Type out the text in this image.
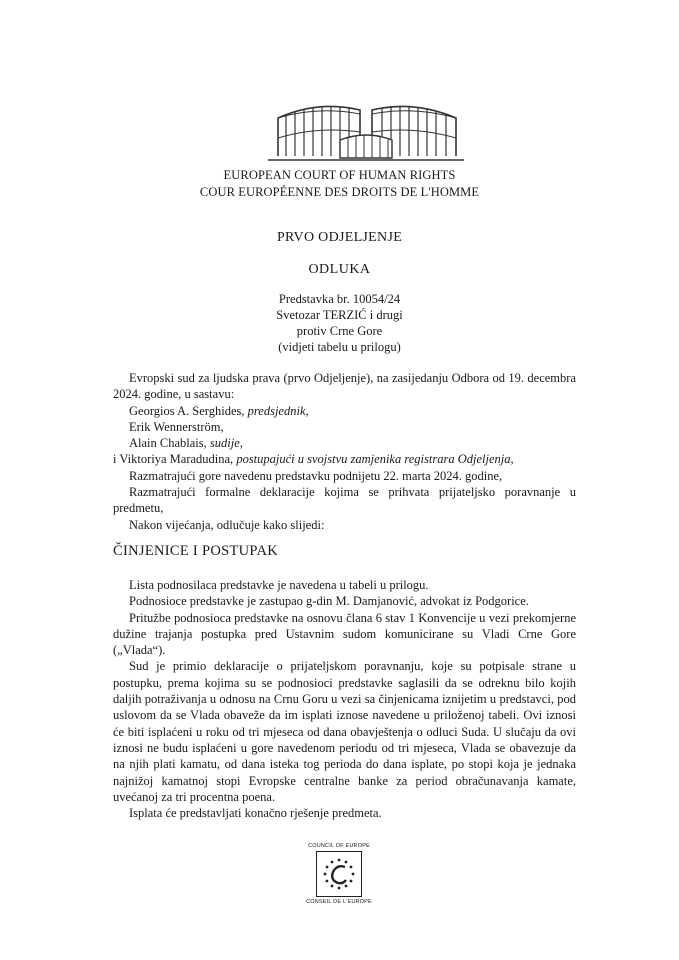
EUROPEAN COURT OF HUMAN RIGHTS
COUR EUROPÉENNE DES DROITS DE L'HOMME
PRVO ODJELJENJE
ODLUKA
Predstavka br. 10054/24
Svetozar TERZIĆ i drugi
protiv Crne Gore
(vidjeti tabelu u prilogu)

Evropski sud za ljudska prava (prvo Odjeljenje), na zasijedanju Odbora od 19. decembra 2024. godine, u sastavu:

Georgios A. Serghides, predsjednik,

Erik Wennerström,

Alain Chablais, sudije,

i Viktoriya Maradudina, postupajući u svojstvu zamjenika registrara Odjeljenja,

Razmatrajući gore navedenu predstavku podnijetu 22. marta 2024. godine,

Razmatrajući formalne deklaracije kojima se prihvata prijateljsko poravnanje u predmetu,

Nakon vijećanja, odlučuje kako slijedi:

ČINJENICE I POSTUPAK

Lista podnosilaca predstavke je navedena u tabeli u prilogu.

Podnosioce predstavke je zastupao g-din M. Damjanović, advokat iz Podgorice.

Pritužbe podnosioca predstavke na osnovu člana 6 stav 1 Konvencije u vezi prekomjerne dužine trajanja postupka pred Ustavnim sudom komunicirane su Vladi Crne Gore („Vlada“).

Sud je primio deklaracije o prijateljskom poravnanju, koje su potpisale strane u postupku, prema kojima su se podnosioci predstavke saglasili da se odreknu bilo kojih daljih potraživanja u odnosu na Crnu Goru u vezi sa činjenicama iznijetim u predstavci, pod uslovom da se Vlada obaveže da im isplati iznose navedene u priloženoj tabeli. Ovi iznosi će biti isplaćeni u roku od tri mjeseca od dana obavještenja o odluci Suda. U slučaju da ovi iznosi ne budu isplaćeni u gore navedenom periodu od tri mjeseca, Vlada se obavezuje da na njih plati kamatu, od dana isteka tog perioda do dana isplate, po stopi koja je jednaka najnižoj kamatnoj stopi Evropske centralne banke za period obračunavanja kamate, uvećanoj za tri procentna poena.

Isplata će predstavljati konačno rješenje predmeta.

COUNCIL OF EUROPE
CONSEIL DE L'EUROPE
